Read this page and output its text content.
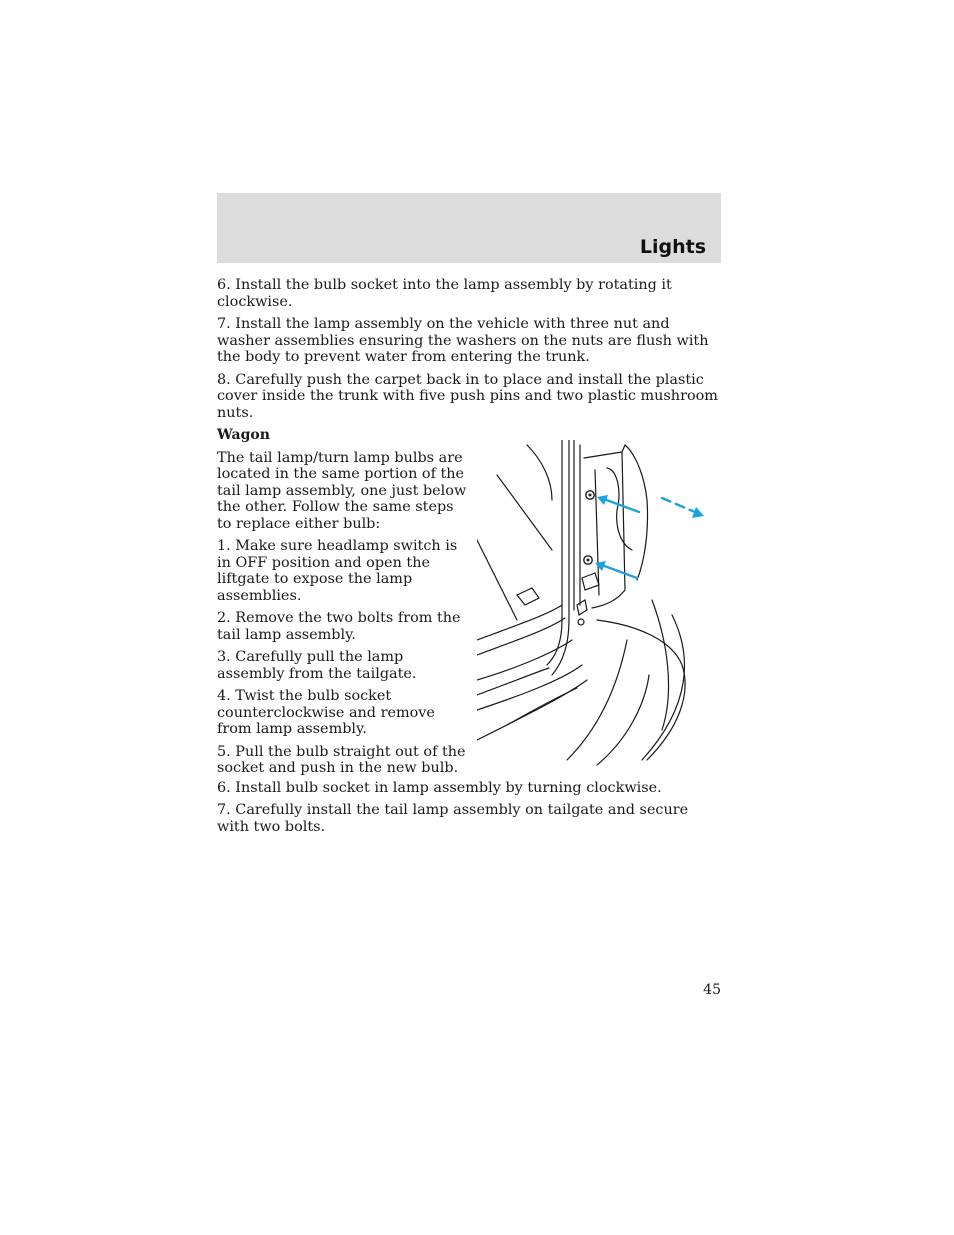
Lights

6. Install the bulb socket into the lamp assembly by rotating it clockwise.

7. Install the lamp assembly on the vehicle with three nut and washer assemblies ensuring the washers on the nuts are flush with the body to prevent water from entering the trunk.

8. Carefully push the carpet back in to place and install the plastic cover inside the trunk with five push pins and two plastic mushroom nuts.

Wagon

The tail lamp/turn lamp bulbs are located in the same portion of the tail lamp assembly, one just below the other. Follow the same steps to replace either bulb:

1. Make sure headlamp switch is in OFF position and open the liftgate to expose the lamp assemblies.

2. Remove the two bolts from the tail lamp assembly.

3. Carefully pull the lamp assembly from the tailgate.

4. Twist the bulb socket counterclockwise and remove from lamp assembly.

5. Pull the bulb straight out of the socket and push in the new bulb.

6. Install bulb socket in lamp assembly by turning clockwise.

7. Carefully install the tail lamp assembly on tailgate and secure with two bolts.

45
